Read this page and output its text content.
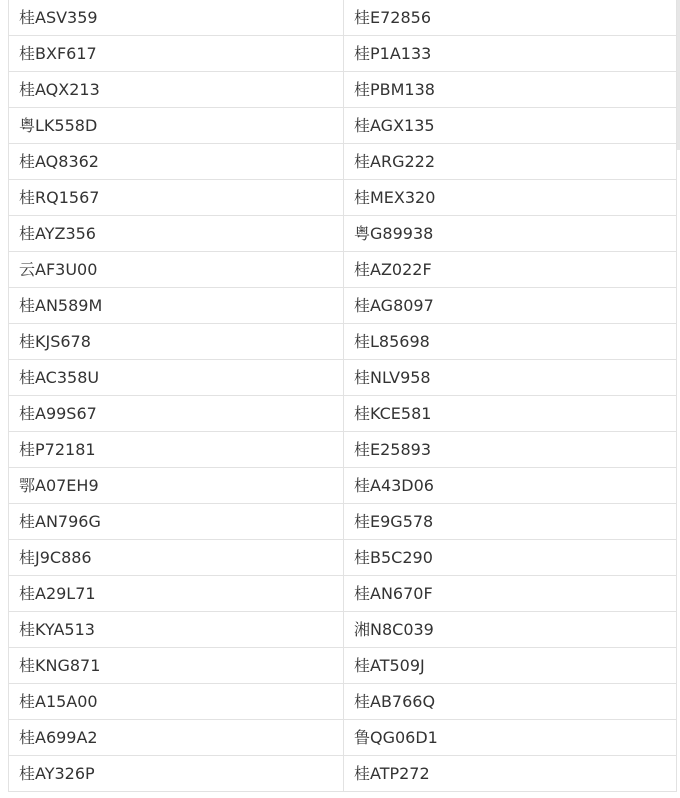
桂ASV359	桂E72856
桂BXF617	桂P1A133
桂AQX213	桂PBM138
粤LK558D	桂AGX135
桂AQ8362	桂ARG222
桂RQ1567	桂MEX320
桂AYZ356	粤G89938
云AF3U00	桂AZ022F
桂AN589M	桂AG8097
桂KJS678	桂L85698
桂AC358U	桂NLV958
桂A99S67	桂KCE581
桂P72181	桂E25893
鄂A07EH9	桂A43D06
桂AN796G	桂E9G578
桂J9C886	桂B5C290
桂A29L71	桂AN670F
桂KYA513	湘N8C039
桂KNG871	桂AT509J
桂A15A00	桂AB766Q
桂A699A2	鲁QG06D1
桂AY326P	桂ATP272
